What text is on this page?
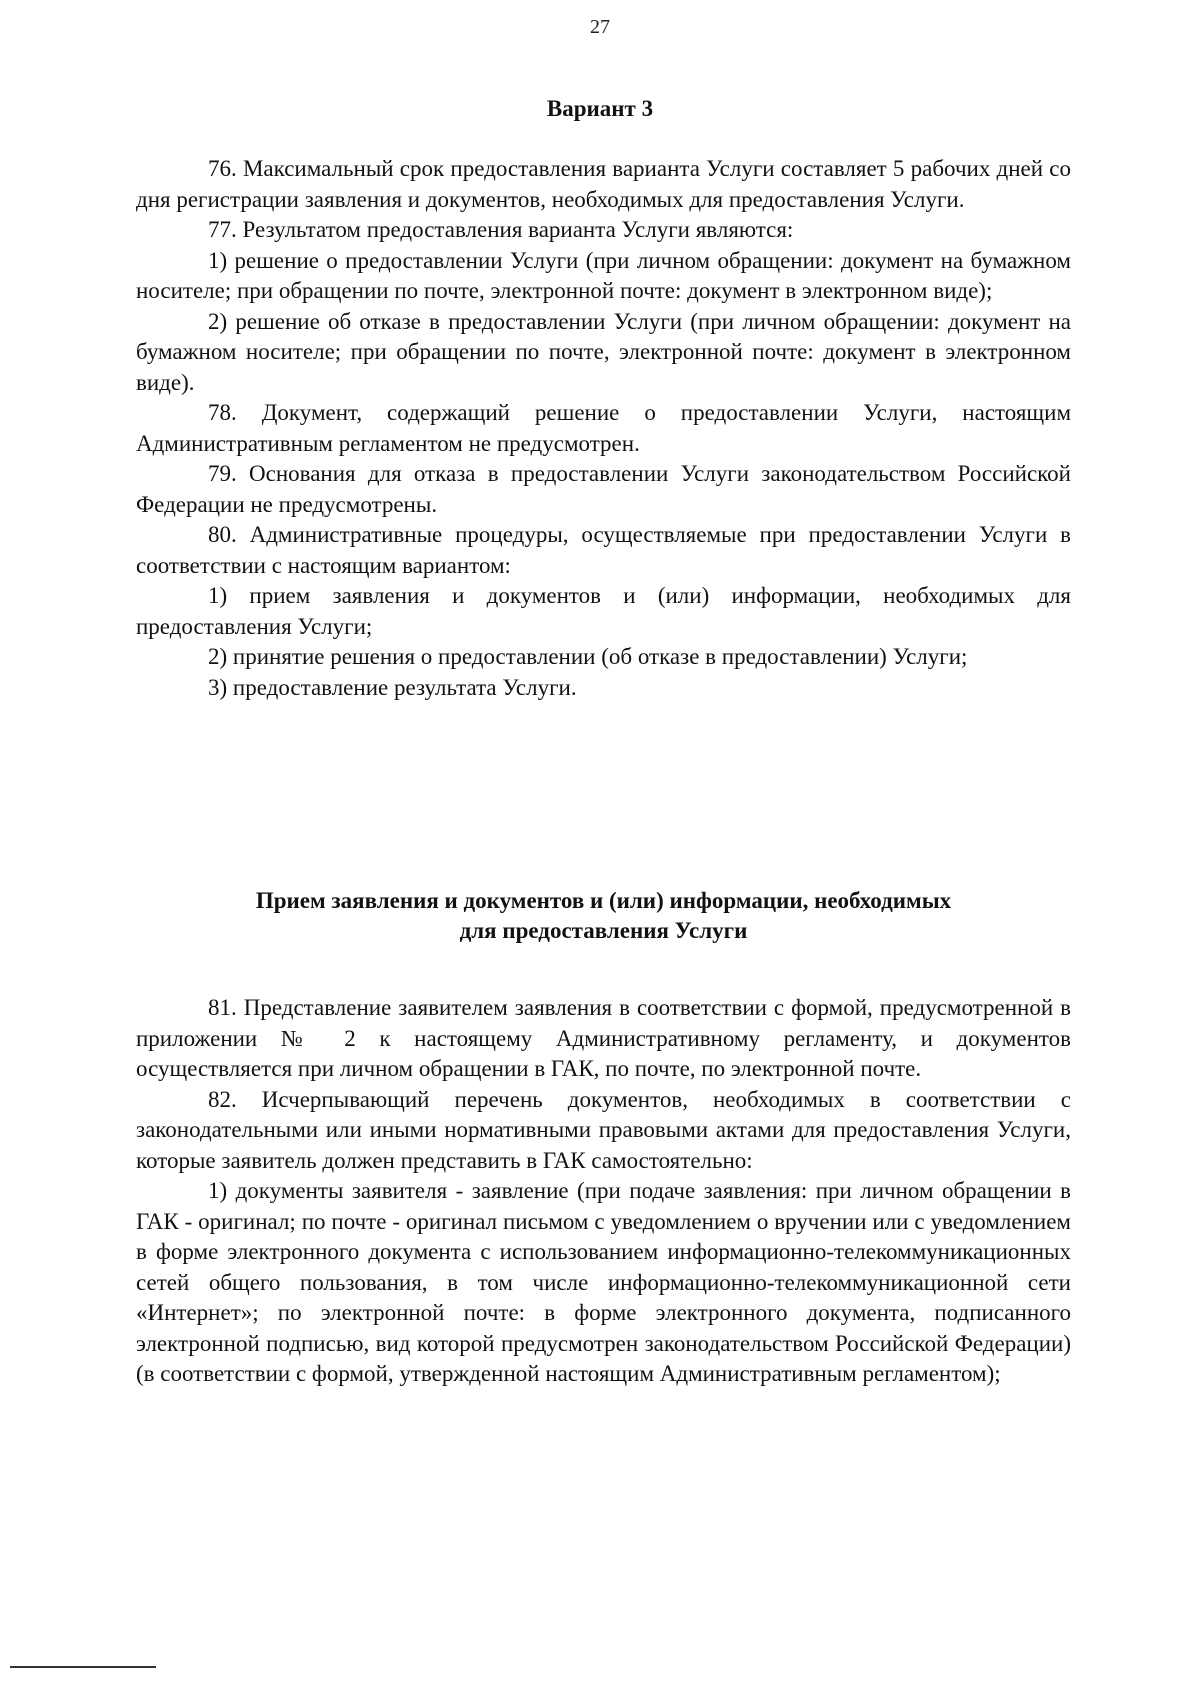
27
Вариант 3

76. Максимальный срок предоставления варианта Услуги составляет 5 рабочих дней со дня регистрации заявления и документов, необходимых для предоставления Услуги.

77. Результатом предоставления варианта Услуги являются:

1) решение о предоставлении Услуги (при личном обращении: документ на бумажном носителе; при обращении по почте, электронной почте: документ в электронном виде);

2) решение об отказе в предоставлении Услуги (при личном обращении: документ на бумажном носителе; при обращении по почте, электронной почте: документ в электронном виде).

78. Документ, содержащий решение о предоставлении Услуги, настоящим Административным регламентом не предусмотрен.

79. Основания для отказа в предоставлении Услуги законодательством Российской Федерации не предусмотрены.

80. Административные процедуры, осуществляемые при предоставлении Услуги в соответствии с настоящим вариантом:

1) прием заявления и документов и (или) информации, необходимых для предоставления Услуги;

2) принятие решения о предоставлении (об отказе в предоставлении) Услуги;

3) предоставление результата Услуги.

Прием заявления и документов и (или) информации, необходимых
для предоставления Услуги

81. Представление заявителем заявления в соответствии с формой, предусмотренной в приложении № 2 к настоящему Административному регламенту, и документов осуществляется при личном обращении в ГАК, по почте, по электронной почте.

82. Исчерпывающий перечень документов, необходимых в соответствии с законодательными или иными нормативными правовыми актами для предоставления Услуги, которые заявитель должен представить в ГАК самостоятельно:

1) документы заявителя - заявление (при подаче заявления: при личном обращении в ГАК - оригинал; по почте - оригинал письмом с уведомлением о вручении или с уведомлением в форме электронного документа с использованием информационно-телекоммуникационных сетей общего пользования, в том числе информационно-телекоммуникационной сети «Интернет»; по электронной почте: в форме электронного документа, подписанного электронной подписью, вид которой предусмотрен законодательством Российской Федерации) (в соответствии с формой, утвержденной настоящим Административным регламентом);
